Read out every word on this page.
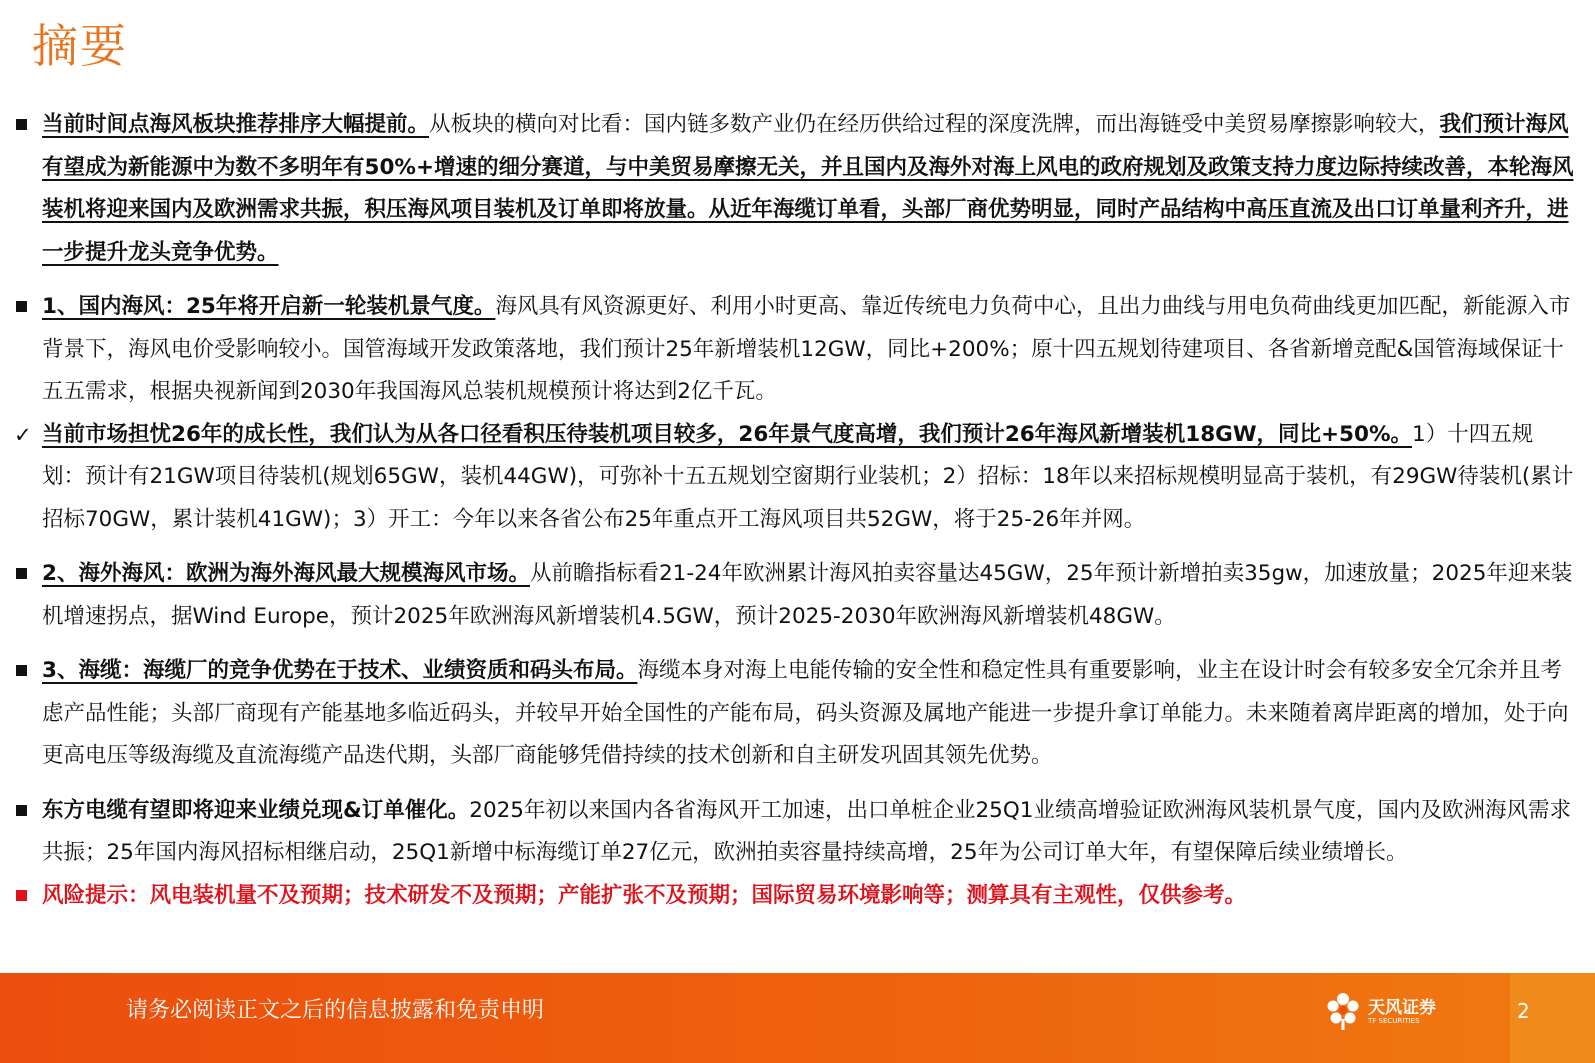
摘要
当前时间点海风板块推荐排序大幅提前。从板块的横向对比看：国内链多数产业仍在经历供给过程的深度洗牌，而出海链受中美贸易摩擦影响较大，我们预计海风有望成为新能源中为数不多明年有50%+增速的细分赛道，与中美贸易摩擦无关，并且国内及海外对海上风电的政府规划及政策支持力度边际持续改善，本轮海风装机将迎来国内及欧洲需求共振，积压海风项目装机及订单即将放量。从近年海缆订单看，头部厂商优势明显，同时产品结构中高压直流及出口订单量利齐升，进一步提升龙头竞争优势。
1、国内海风：25年将开启新一轮装机景气度。海风具有风资源更好、利用小时更高、靠近传统电力负荷中心，且出力曲线与用电负荷曲线更加匹配，新能源入市背景下，海风电价受影响较小。国管海域开发政策落地，我们预计25年新增装机12GW，同比+200%；原十四五规划待建项目、各省新增竞配&国管海域保证十五五需求，根据央视新闻到2030年我国海风总装机规模预计将达到2亿千瓦。
✓ 当前市场担忧26年的成长性，我们认为从各口径看积压待装机项目较多，26年景气度高增，我们预计26年海风新增装机18GW，同比+50%。1）十四五规划：预计有21GW项目待装机(规划65GW，装机44GW)，可弥补十五五规划空窗期行业装机；2）招标：18年以来招标规模明显高于装机，有29GW待装机(累计招标70GW，累计装机41GW)；3）开工：今年以来各省公布25年重点开工海风项目共52GW，将于25-26年并网。
2、海外海风：欧洲为海外海风最大规模海风市场。从前瞻指标看21-24年欧洲累计海风拍卖容量达45GW，25年预计新增拍卖35gw，加速放量；2025年迎来装机增速拐点，据Wind Europe，预计2025年欧洲海风新增装机4.5GW，预计2025-2030年欧洲海风新增装机48GW。
3、海缆：海缆厂的竞争优势在于技术、业绩资质和码头布局。海缆本身对海上电能传输的安全性和稳定性具有重要影响，业主在设计时会有较多安全冗余并且考虑产品性能；头部厂商现有产能基地多临近码头，并较早开始全国性的产能布局，码头资源及属地产能进一步提升拿订单能力。未来随着离岸距离的增加，处于向更高电压等级海缆及直流海缆产品迭代期，头部厂商能够凭借持续的技术创新和自主研发巩固其领先优势。
东方电缆有望即将迎来业绩兑现&订单催化。2025年初以来国内各省海风开工加速，出口单桩企业25Q1业绩高增验证欧洲海风装机景气度，国内及欧洲海风需求共振；25年国内海风招标相继启动，25Q1新增中标海缆订单27亿元，欧洲拍卖容量持续高增，25年为公司订单大年，有望保障后续业绩增长。
风险提示：风电装机量不及预期；技术研发不及预期；产能扩张不及预期；国际贸易环境影响等；测算具有主观性，仅供参考。
请务必阅读正文之后的信息披露和免责申明	天风证券
TF SECURITIES	2
